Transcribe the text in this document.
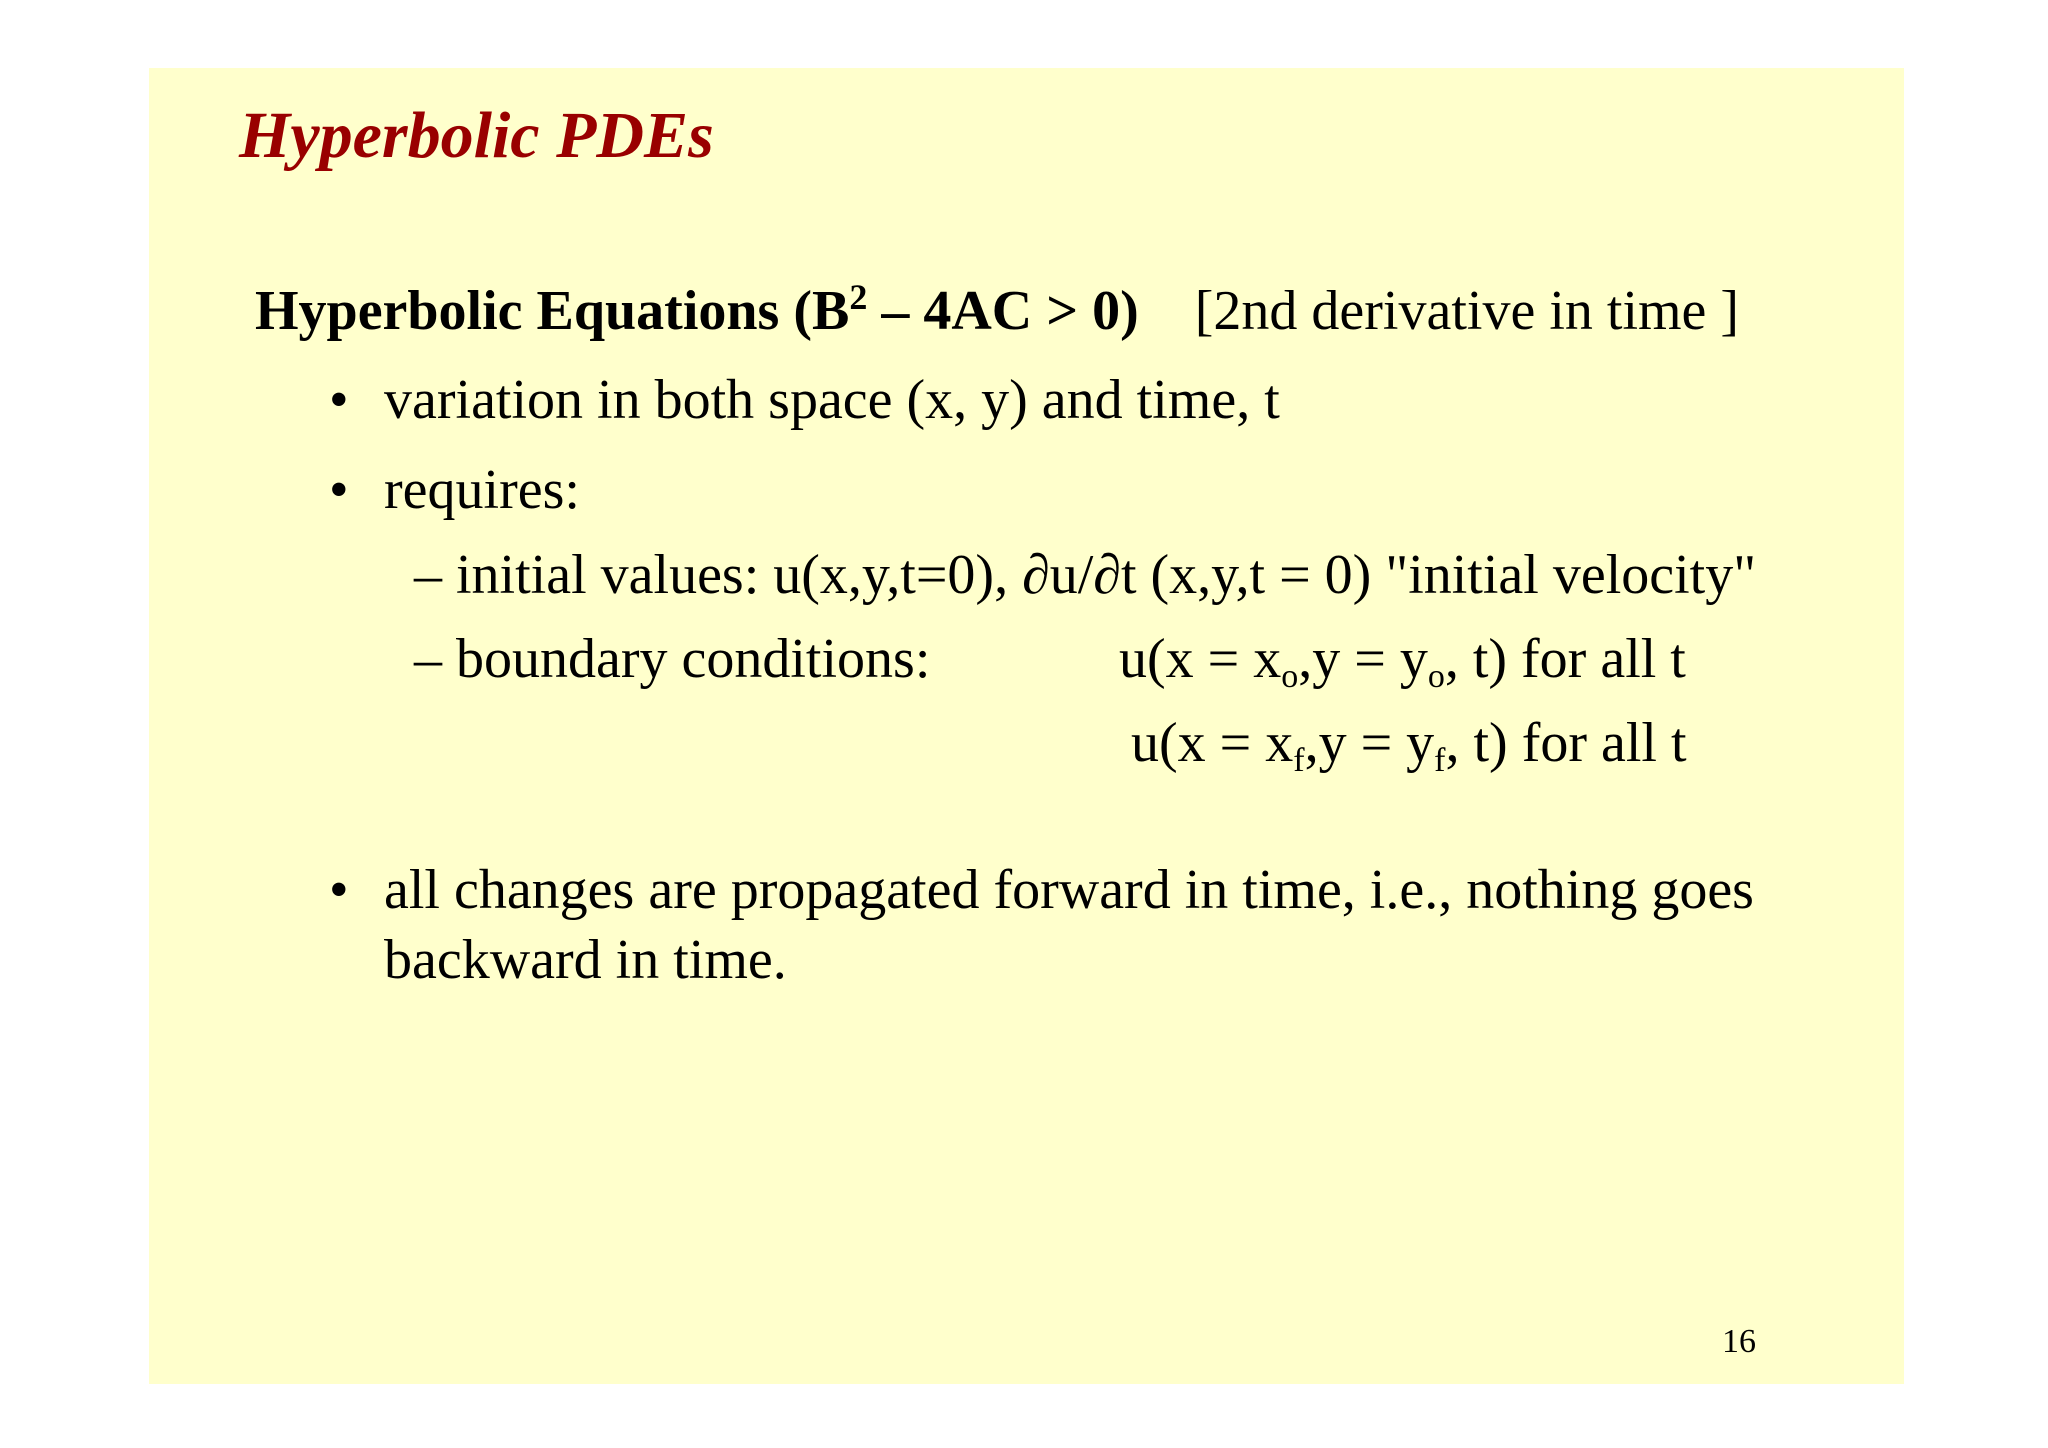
Hyperbolic PDEs
Hyperbolic Equations $(B^2 - 4AC > 0)$ [2nd derivative in time ]
• variation in both space (x, y) and time, t
• requires:
– initial values: u(x,y,t=0), ∂u/∂t (x,y,t = 0) "initial velocity"
– boundary conditions:	$u(x = x_o,y = y_o$, t) for all t
$u(x = x_f,y = y_f$, t) for all t
• all changes are propagated forward in time, i.e., nothing goes
backward in time.
16
